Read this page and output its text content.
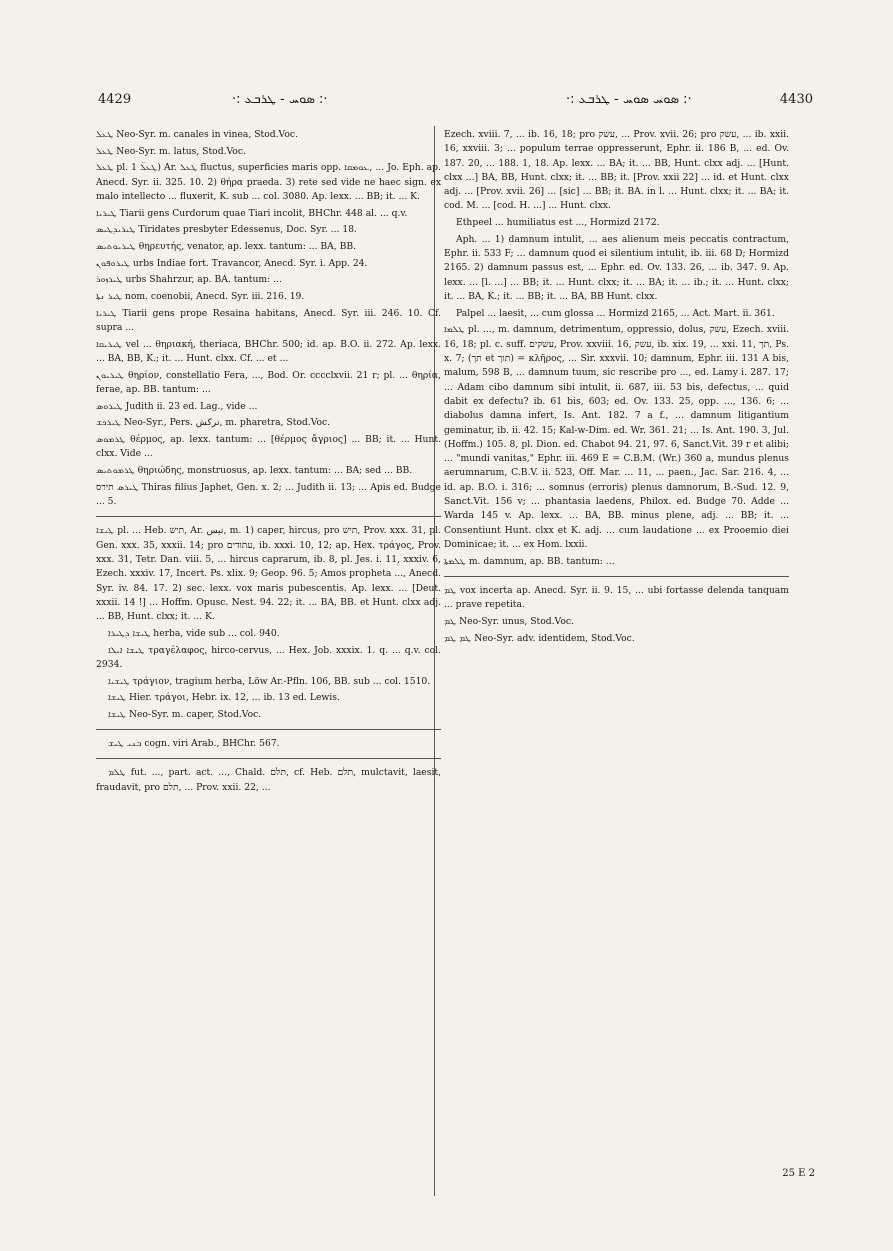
4429	·: ܣܘܚ - ܛܪܒܥ :·	·: ܣܘܚ ܣܘܚ - ܛܪܒܥ :·	4430

ܛܥܠ Neo-Syr. m. canales in vinea, Stod.Voc.

ܛܥܠ Neo-Syr. m. latus, Stod.Voc.

ܛܥܠ pl. ܛܥܠ̈ 1) Ar. ܛܥܠ fluctus, superficies maris opp. ܥܘܡܩܐ, ... Jo. Eph. ap. Anecd. Syr. ii. 325. 10. 2) θήρα praeda. 3) rete sed vide ne haec sign. ex malo intellecto ... fluxerit, K. sub ... col. 3080. Ap. lexx. ... BB; it. ... K.

ܛܝܪܝܐ Tiarii gens Curdorum quae Tiari incolit, BHChr. 448 al. ... q.v.

ܛܝܪܝܕܛܝܣ Tiridates presbyter Edessenus, Doc. Syr. ... 18.

ܛܝܪܝܘܬܝܣ θηρευτής, venator, ap. lexx. tantum: ... BA, BB.

ܛܝܪܘܦܘܢ urbs Indiae fort. Travancor, Anecd. Syr. i. App. 24.

ܛܝܪܙܘܪ urbs Shahrzur, ap. BA. tantum: ...

ܛܝܪ ܢܬܐ nom. coenobii, Anecd. Syr. iii. 216. 19.

ܛܝܪܝܐ Tiarii gens prope Resaina habitans, Anecd. Syr. iii. 246. 10. Cf. supra ...

ܛܝܪܝܩܐ vel ... θηριακή, theriaca, BHChr. 500; id. ap. B.O. ii. 272. Ap. lexx. ... BA, BB, K.; it. ... Hunt. clxx. Cf. ... et ...

ܛܝܪܝܘܢ θηρίον, constellatio Fera, ..., Bod. Or. cccclxvii. 21 r; pl. ... θηρία, ferae, ap. BB. tantum: ...

ܛܝܪܘܣ Judith ii. 23 ed. Lag., vide ...

ܛܝܪܟܫ Neo-Syr., Pers. ترکش, m. pharetra, Stod.Voc.

ܛܪܡܘܣ θέρμος, ap. lexx. tantum: ... [θέρμος ἄγριος] ... BB; it. ... Hunt. clxx. Vide ...

ܛܪܡܘܬܝܣ θηριώδης, monstruosus, ap. lexx. tantum: ... BA; sed ... BB.

ܛܝܪܣ תירס Thiras filius Japhet, Gen. x. 2; ... Judith ii. 13; ... Apis ed. Budge ... 5.

ܛܝܫܐ pl. ... Heb. תיש, Ar. تيس, m. 1) caper, hircus, pro תיש, Prov. xxx. 31, pl. Gen. xxx. 35, xxxii. 14; pro עתודים, ib. xxxi. 10, 12; ap. Hex. τράγος, Prov. xxx. 31, Tetr. Dan. viii. 5, ... hircus caprarum, ib. 8, pl. Jes. i. 11, xxxiv. 6, Ezech. xxxiv. 17, Incert. Ps. xlix. 9; Geop. 96. 5; Amos propheta ..., Anecd. Syr. iv. 84. 17. 2) sec. lexx. vox maris pubescentis. Ap. lexx. ... [Deut. xxxii. 14 !] ... Hoffm. Opusc. Nest. 94. 22; it. ... BA, BB. et Hunt. clxx adj. ... BB, Hunt. clxx; it. ... K.

ܛܝܫܐ ܕܛܝܪܐ herba, vide sub ... col. 940.

ܛܝܫܐ ܐܝܠܐ τραγέλαφος, hirco-cervus, ... Hex. Job. xxxix. 1. q. ... q.v. col. 2934.

ܛܝܫܝܐ τράγιον, tragium herba, Löw Ar.-Pfln. 106, BB. sub ... col. 1510.

ܛܝܫܐ Hier. τράγοι, Hebr. ix. 12, ... ib. 13 ed. Lewis.

ܛܝܫܐ Neo-Syr. m. caper, Stod.Voc.

ܒܢܝ ܛܝܫ cogn. viri Arab., BHChr. 567.

ܛܠܡ fut. ..., part. act. ..., Chald. תלם, cf. Heb. תלם, mulctavit, laesit, fraudavit, pro תלם, ... Prov. xxii. 22, ...

Ezech. xviii. 7, ... ib. 16, 18; pro עשק, ... Prov. xvii. 26; pro עשק, ... ib. xxii. 16, xxviii. 3; ... populum terrae oppresserunt, Ephr. ii. 186 B, ... ed. Ov. 187. 20, ... 188. 1, 18. Ap. lexx. ... BA; it. ... BB, Hunt. clxx adj. ... [Hunt. clxx ...] BA, BB, Hunt. clxx; it. ... BB; it. [Prov. xxii 22] ... id. et Hunt. clxx adj. ... [Prov. xvii. 26] ... [sic] ... BB; it. BA. in l. ... Hunt. clxx; it. ... BA; it. cod. M. ... [cod. H. ...] ... Hunt. clxx.

Ethpeel ... humiliatus est ..., Hormizd 2172.

Aph. ... 1) damnum intulit, ... aes alienum meis peccatis contractum, Ephr. ii. 533 F; ... damnum quod ei silentium intulit, ib. iii. 68 D; Hormizd 2165. 2) damnum passus est, ... Ephr. ed. Ov. 133. 26, ... ib. 347. 9. Ap. lexx. ... [l. ...] ... BB; it. ... Hunt. clxx; it. ... BA; it. ... ib.; it. ... Hunt. clxx; it. ... BA, K.; it. ... BB; it. ... BA, BB Hunt. clxx.

Palpel ... laesit, ... cum glossa ... Hormizd 2165, ... Act. Mart. ii. 361.

ܛܠܡܐ pl. ..., m. damnum, detrimentum, oppressio, dolus, עשק, Ezech. xviii. 16, 18; pl. c. suff. עשקים, Prov. xxviii. 16, עשק, ib. xix. 19, ... xxi. 11, תך, Ps. x. 7; (תך et תוך) = κλῆρος, ... Sir. xxxvii. 10; damnum, Ephr. iii. 131 A bis, malum, 598 B, ... damnum tuum, sic rescribe pro ..., ed. Lamy i. 287. 17; ... Adam cibo damnum sibi intulit, ii. 687, iii. 53 bis, defectus, ... quid dabit ex defectu? ib. 61 bis, 603; ed. Ov. 133. 25, opp. ..., 136. 6; ... diabolus damna infert, Is. Ant. 182. 7 a f., ... damnum litigantium geminatur, ib. ii. 42. 15; Kal-w-Dim. ed. Wr. 361. 21; ... Is. Ant. 190. 3, Jul. (Hoffm.) 105. 8, pl. Dion. ed. Chabot 94. 21, 97. 6, Sanct.Vit. 39 r et alibi; ... "mundi vanitas," Ephr. iii. 469 E = C.B.M. (Wr.) 360 a, mundus plenus aerumnarum, C.B.V. ii. 523, Off. Mar. ... 11, ... paen., Jac. Sar. 216. 4, ... id. ap. B.O. i. 316; ... somnus (erroris) plenus damnorum, B.-Sud. 12. 9, Sanct.Vit. 156 v; ... phantasia laedens, Philox. ed. Budge 70. Adde ... Warda 145 v. Ap. lexx. ... BA, BB. minus plene, adj. ... BB; it. ... Consentiunt Hunt. clxx et K. adj. ... cum laudatione ... ex Prooemio diei Dominicae; it. ... ex Hom. lxxii.

ܛܠܡܬܐ m. damnum, ap. BB. tantum: ...

ܛܡ vox incerta ap. Anecd. Syr. ii. 9. 15, ... ubi fortasse delenda tanquam ... prave repetita.

ܛܡ Neo-Syr. unus, Stod.Voc.

ܛܡ ܛܡ Neo-Syr. adv. identidem, Stod.Voc.

25 E 2
